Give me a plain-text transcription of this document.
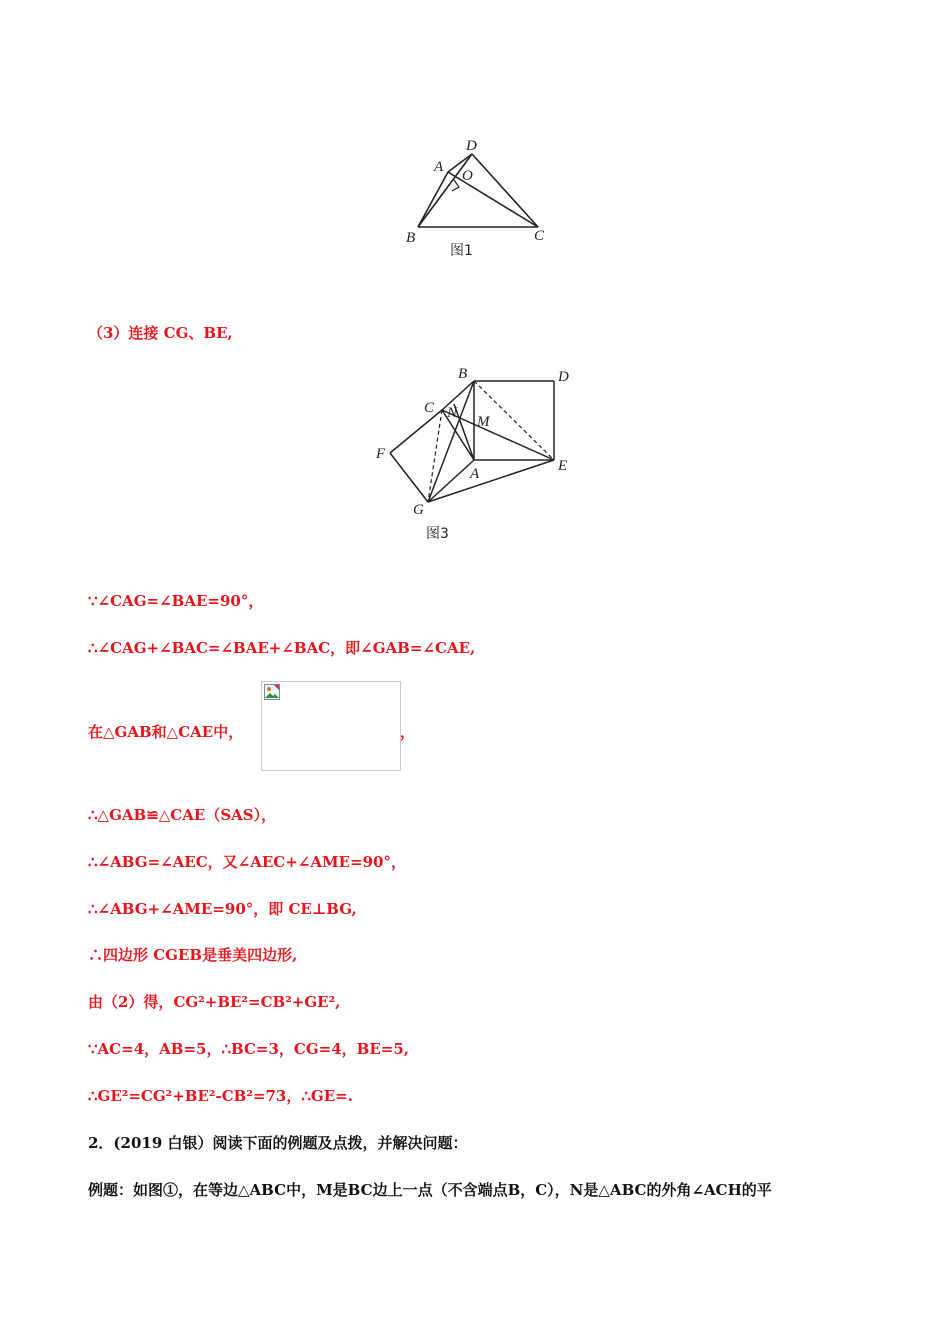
A
D
O
B	C
图1
（3）连接 CG、BE,
B	D
C N
M
F
A	E
G
图3
∵∠CAG=∠BAE=90°，
∴∠CAG+∠BAC=∠BAE+∠BAC，即∠GAB=∠CAE,
在△GAB和△CAE中，	，
∴△GAB≌△CAE（SAS），
∴∠ABG=∠AEC，又∠AEC+∠AME=90°，
∴∠ABG+∠AME=90°，即 CE⊥BG,
∴四边形 CGEB是垂美四边形,
由（2）得，CG²+BE²=CB²+GE²,
∵AC=4，AB=5，∴BC=3，CG=4，BE=5,
∴GE²=CG²+BE²-CB²=73，∴GE=.
2．(2019 白银）阅读下面的例题及点拨，并解决问题：
例题：如图①，在等边△ABC中，M是BC边上一点（不含端点B，C），N是△ABC的外角∠ACH的平
